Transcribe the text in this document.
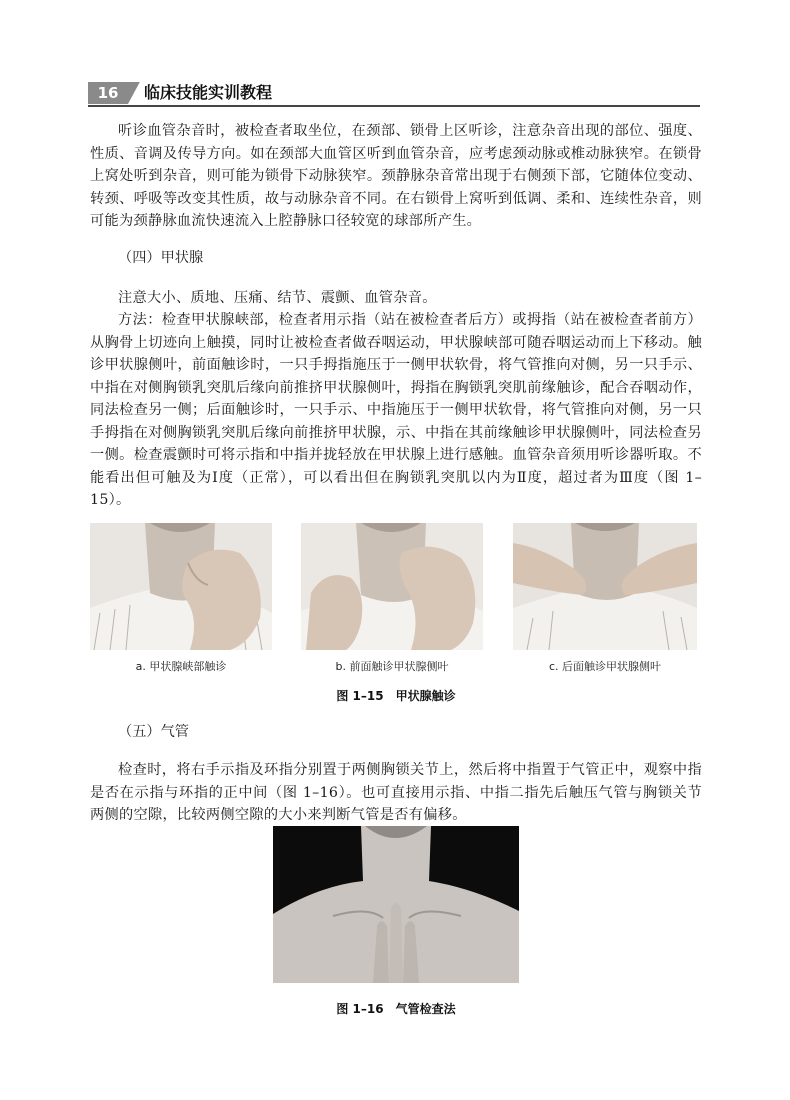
16	临床技能实训教程

听诊血管杂音时，被检查者取坐位，在颈部、锁骨上区听诊，注意杂音出现的部位、强度、性质、音调及传导方向。如在颈部大血管区听到血管杂音，应考虑颈动脉或椎动脉狭窄。在锁骨上窝处听到杂音，则可能为锁骨下动脉狭窄。颈静脉杂音常出现于右侧颈下部，它随体位变动、转颈、呼吸等改变其性质，故与动脉杂音不同。在右锁骨上窝听到低调、柔和、连续性杂音，则可能为颈静脉血流快速流入上腔静脉口径较宽的球部所产生。

（四）甲状腺

注意大小、质地、压痛、结节、震颤、血管杂音。

方法：检查甲状腺峡部，检查者用示指（站在被检查者后方）或拇指（站在被检查者前方）从胸骨上切迹向上触摸，同时让被检查者做吞咽运动，甲状腺峡部可随吞咽运动而上下移动。触诊甲状腺侧叶，前面触诊时，一只手拇指施压于一侧甲状软骨，将气管推向对侧，另一只手示、中指在对侧胸锁乳突肌后缘向前推挤甲状腺侧叶，拇指在胸锁乳突肌前缘触诊，配合吞咽动作，同法检查另一侧；后面触诊时，一只手示、中指施压于一侧甲状软骨，将气管推向对侧，另一只手拇指在对侧胸锁乳突肌后缘向前推挤甲状腺，示、中指在其前缘触诊甲状腺侧叶，同法检查另一侧。检查震颤时可将示指和中指并拢轻放在甲状腺上进行感触。血管杂音须用听诊器听取。不能看出但可触及为Ⅰ度（正常），可以看出但在胸锁乳突肌以内为Ⅱ度，超过者为Ⅲ度（图 1–15）。

a. 甲状腺峡部触诊	b. 前面触诊甲状腺侧叶	c. 后面触诊甲状腺侧叶
图 1–15　甲状腺触诊

（五）气管

检查时，将右手示指及环指分别置于两侧胸锁关节上，然后将中指置于气管正中，观察中指是否在示指与环指的正中间（图 1–16）。也可直接用示指、中指二指先后触压气管与胸锁关节两侧的空隙，比较两侧空隙的大小来判断气管是否有偏移。

图 1–16　气管检查法
